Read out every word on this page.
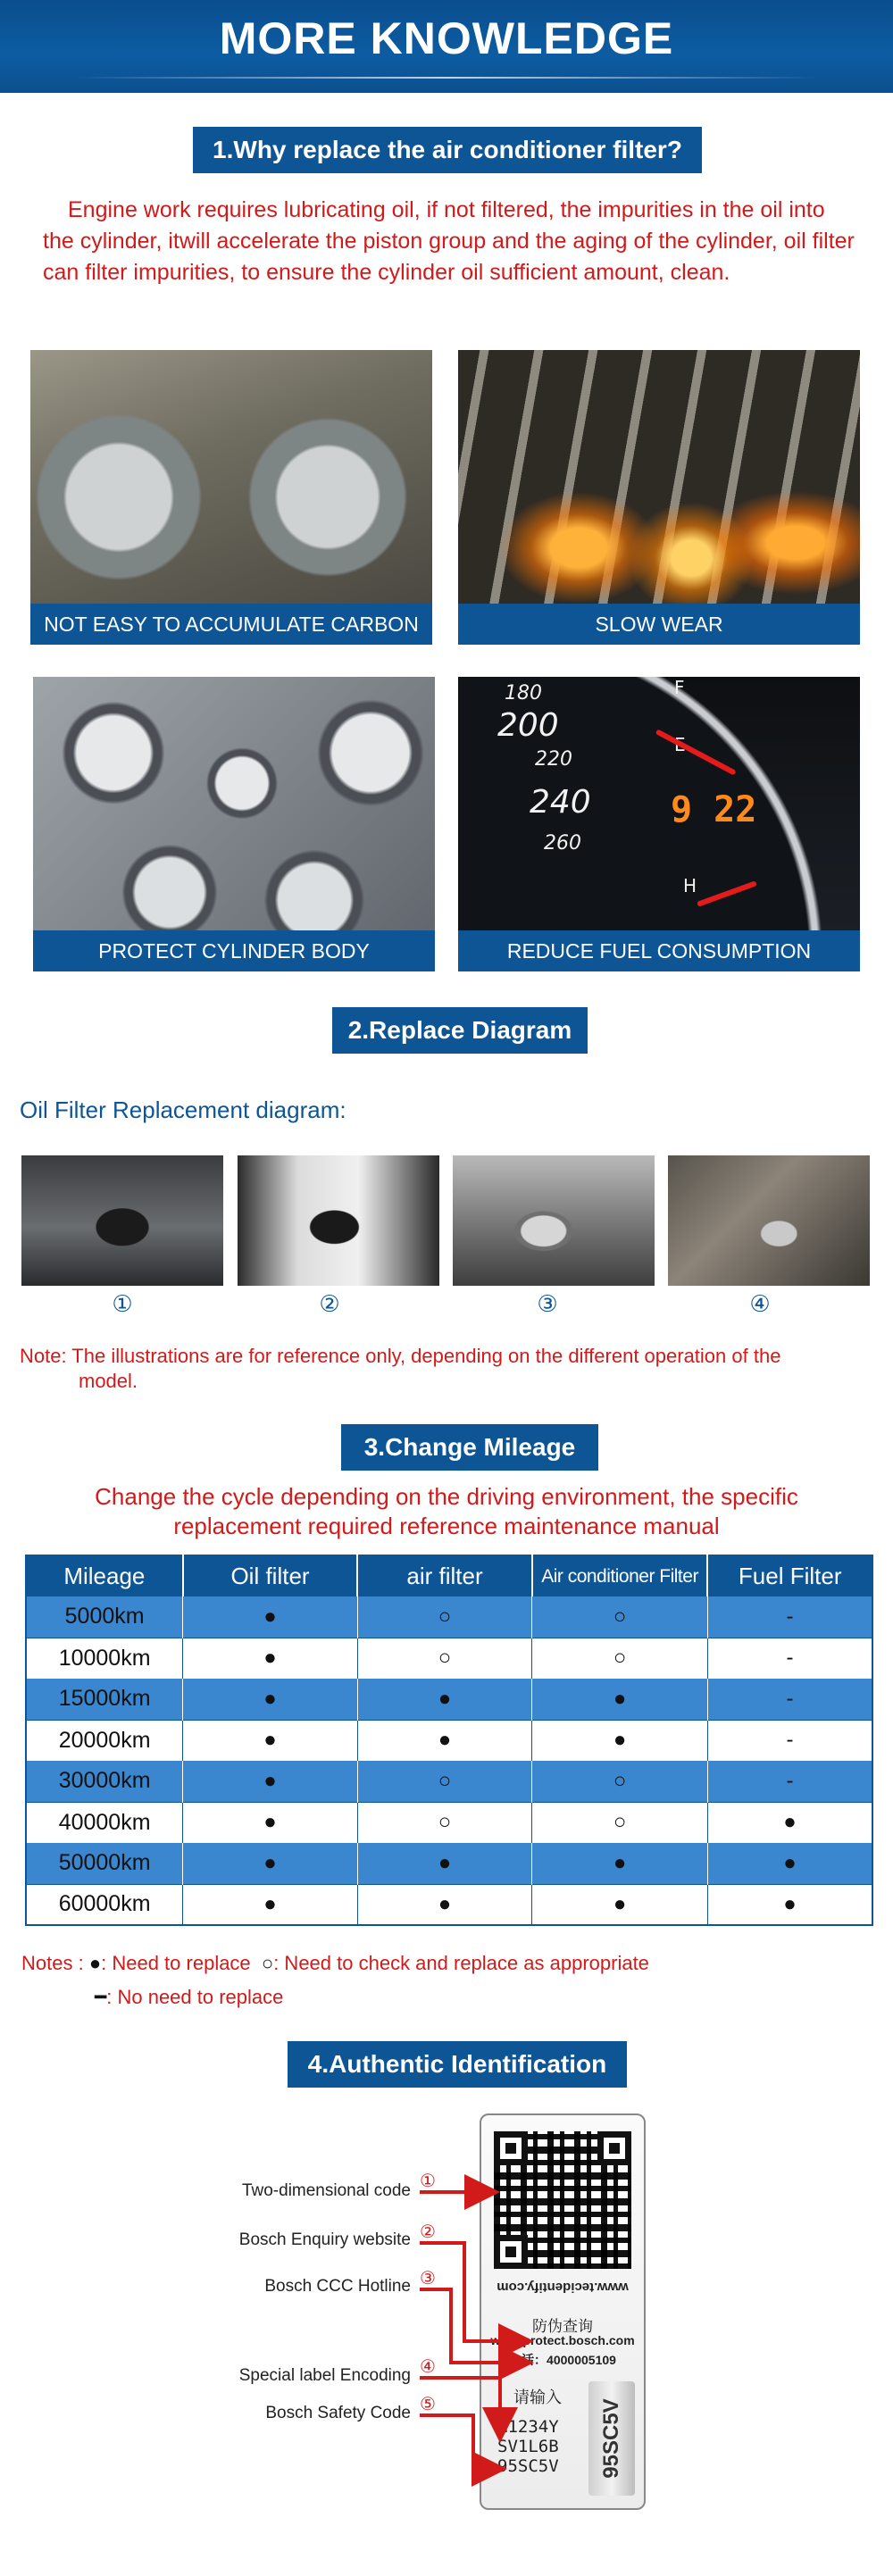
MORE KNOWLEDGE
1.Why replace the air conditioner filter?

Engine work requires lubricating oil, if not filtered, the impurities in the oil into the cylinder, itwill accelerate the piston group and the aging of the cylinder, oil filter can filter impurities, to ensure the cylinder oil sufficient amount, clean.

NOT EASY TO ACCUMULATE CARBON	SLOW WEAR
PROTECT CYLINDER BODY
180
200
220
240
260
F
H
9 22
REDUCE FUEL CONSUMPTION
2.Replace Diagram
Oil Filter Replacement diagram:
①	②	③	④
Note: The illustrations are for reference only, depending on the different operation of the
model.
3.Change Mileage
Change the cycle depending on the driving environment, the specific
replacement required reference maintenance manual
Mileage	Oil filter	air filter	Air conditioner Filter	Fuel Filter
5000km	●	○	○	-
10000km	●	○	○	-
15000km	●	●	●	-
20000km	●	●	●	-
30000km	●	○	○	-
40000km	●	○	○	●
50000km	●	●	●	●
60000km	●	●	●	●
Notes : ●: Need to replace ○: Need to check and replace as appropriate
━: No need to replace
4.Authentic Identification
Two-dimensional code
Bosch Enquiry website
Bosch CCC Hotline
Special label Encoding
Bosch Safety Code
①
②
③
④
⑤
www.tecidentify.com
防伪查询
www.protect.bosch.com
电话：4000005109
请输入
M1234Y
SV1L6B
95SC5V 95SC5V
